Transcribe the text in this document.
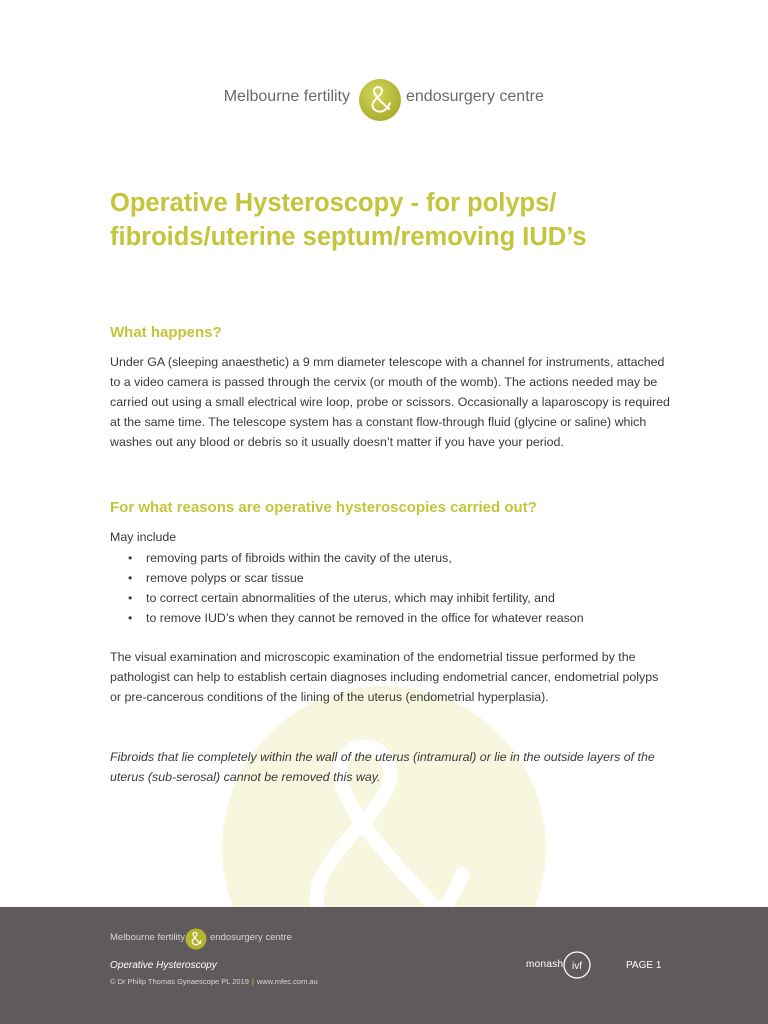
Melbourne fertility	endosurgery centre
Operative Hysteroscopy - for polyps/ fibroids/uterine septum/removing IUD’s
What happens?

Under GA (sleeping anaesthetic) a 9 mm diameter telescope with a channel for instruments, attached to a video camera is passed through the cervix (or mouth of the womb). The actions needed may be carried out using a small electrical wire loop, probe or scissors. Occasionally a laparoscopy is required at the same time. The telescope system has a constant flow-through fluid (glycine or saline) which washes out any blood or debris so it usually doesn’t matter if you have your period.

For what reasons are operative hysteroscopies carried out?

May include

• removing parts of fibroids within the cavity of the uterus,
• remove polyps or scar tissue
• to correct certain abnormalities of the uterus, which may inhibit fertility, and
• to remove IUD’s when they cannot be removed in the office for whatever reason

The visual examination and microscopic examination of the endometrial tissue performed by the pathologist can help to establish certain diagnoses including endometrial cancer, endometrial polyps or pre-cancerous conditions of the lining of the uterus (endometrial hyperplasia).

Fibroids that lie completely within the wall of the uterus (intramural) or lie in the outside layers of the uterus (sub-serosal) cannot be removed this way.

Melbourne fertility	endosurgery centre
Operative Hysteroscopy
© Dr Philip Thomas Gynaescope PL 2019 | www.mfec.com.au
monash ivf	PAGE 1
